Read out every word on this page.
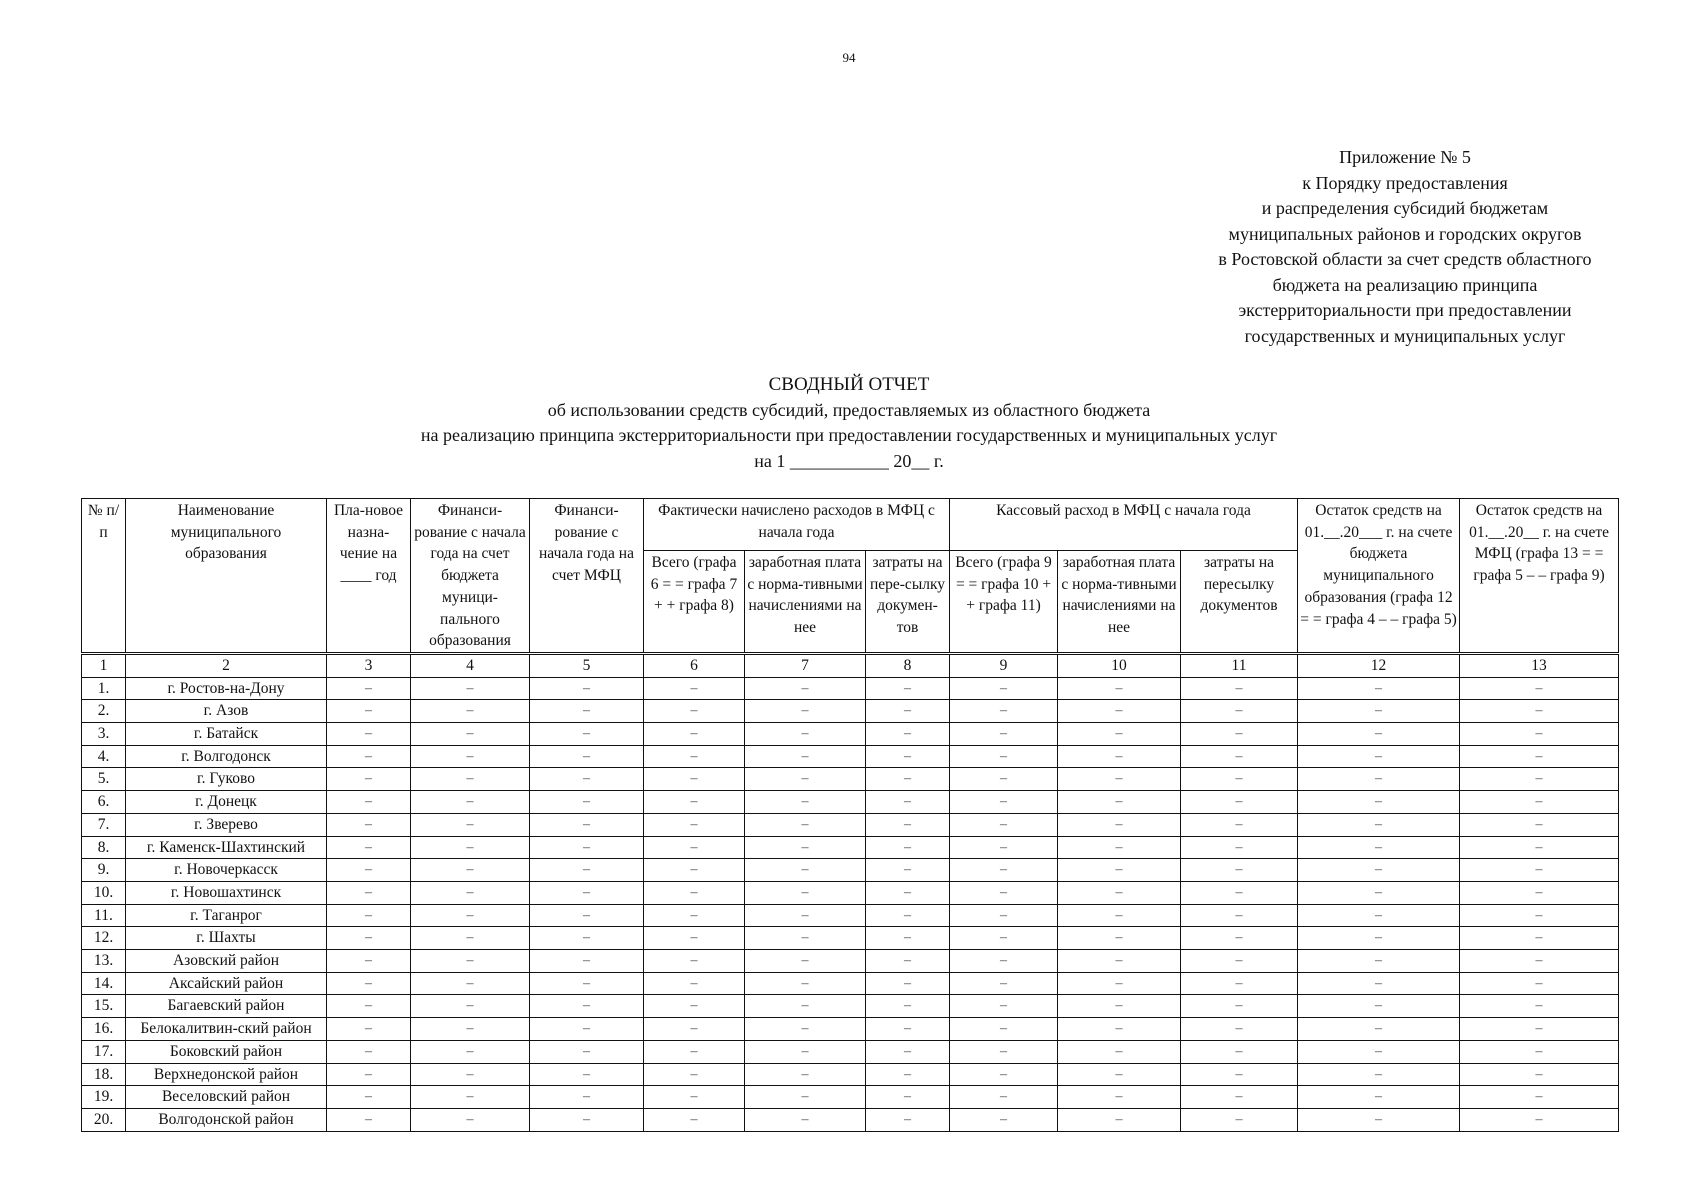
94
Приложение № 5
к Порядку предоставления
и распределения субсидий бюджетам
муниципальных районов и городских округов
в Ростовской области за счет средств областного
бюджета на реализацию принципа
экстерриториальности при предоставлении
государственных и муниципальных услуг
СВОДНЫЙ ОТЧЕТ
об использовании средств субсидий, предоставляемых из областного бюджета
на реализацию принципа экстерриториальности при предоставлении государственных и муниципальных услуг
на 1 ___________ 20__ г.
№ п/п	Наименование муниципального образования	Пла-новое назна-чение на ____ год	Финанси-рование с начала года на счет бюджета муници-пального образования	Финанси-рование с начала года на счет МФЦ	Фактически начислено расходов в МФЦ с начала года			Кассовый расход в МФЦ с начала года			Остаток средств на 01.__.20___ г. на счете бюджета муниципального образования (графа 12 = = графа 4 – – графа 5)	Остаток средств на 01.__.20__ г. на счете МФЦ (графа 13 = = графа 5 – – графа 9)
					Всего (графа 6 = = графа 7 + + графа 8)	заработная плата с норма-тивными начислениями на нее	затраты на пере-сылку докумен-тов	Всего (графа 9 = = графа 10 + + графа 11)	заработная плата с норма-тивными начислениями на нее	затраты на пересылку документов		
1	2	3	4	5	6	7	8	9	10	11	12	13
1.	г. Ростов-на-Дону	–	–	–	–	–	–	–	–	–	–	–
2.	г. Азов	–	–	–	–	–	–	–	–	–	–	–
3.	г. Батайск	–	–	–	–	–	–	–	–	–	–	–
4.	г. Волгодонск	–	–	–	–	–	–	–	–	–	–	–
5.	г. Гуково	–	–	–	–	–	–	–	–	–	–	–
6.	г. Донецк	–	–	–	–	–	–	–	–	–	–	–
7.	г. Зверево	–	–	–	–	–	–	–	–	–	–	–
8.	г. Каменск-Шахтинский	–	–	–	–	–	–	–	–	–	–	–
9.	г. Новочеркасск	–	–	–	–	–	–	–	–	–	–	–
10.	г. Новошахтинск	–	–	–	–	–	–	–	–	–	–	–
11.	г. Таганрог	–	–	–	–	–	–	–	–	–	–	–
12.	г. Шахты	–	–	–	–	–	–	–	–	–	–	–
13.	Азовский район	–	–	–	–	–	–	–	–	–	–	–
14.	Аксайский район	–	–	–	–	–	–	–	–	–	–	–
15.	Багаевский район	–	–	–	–	–	–	–	–	–	–	–
16.	Белокалитвин-ский район	–	–	–	–	–	–	–	–	–	–	–
17.	Боковский район	–	–	–	–	–	–	–	–	–	–	–
18.	Верхнедонской район	–	–	–	–	–	–	–	–	–	–	–
19.	Веселовский район	–	–	–	–	–	–	–	–	–	–	–
20.	Волгодонской район	–	–	–	–	–	–	–	–	–	–	–
